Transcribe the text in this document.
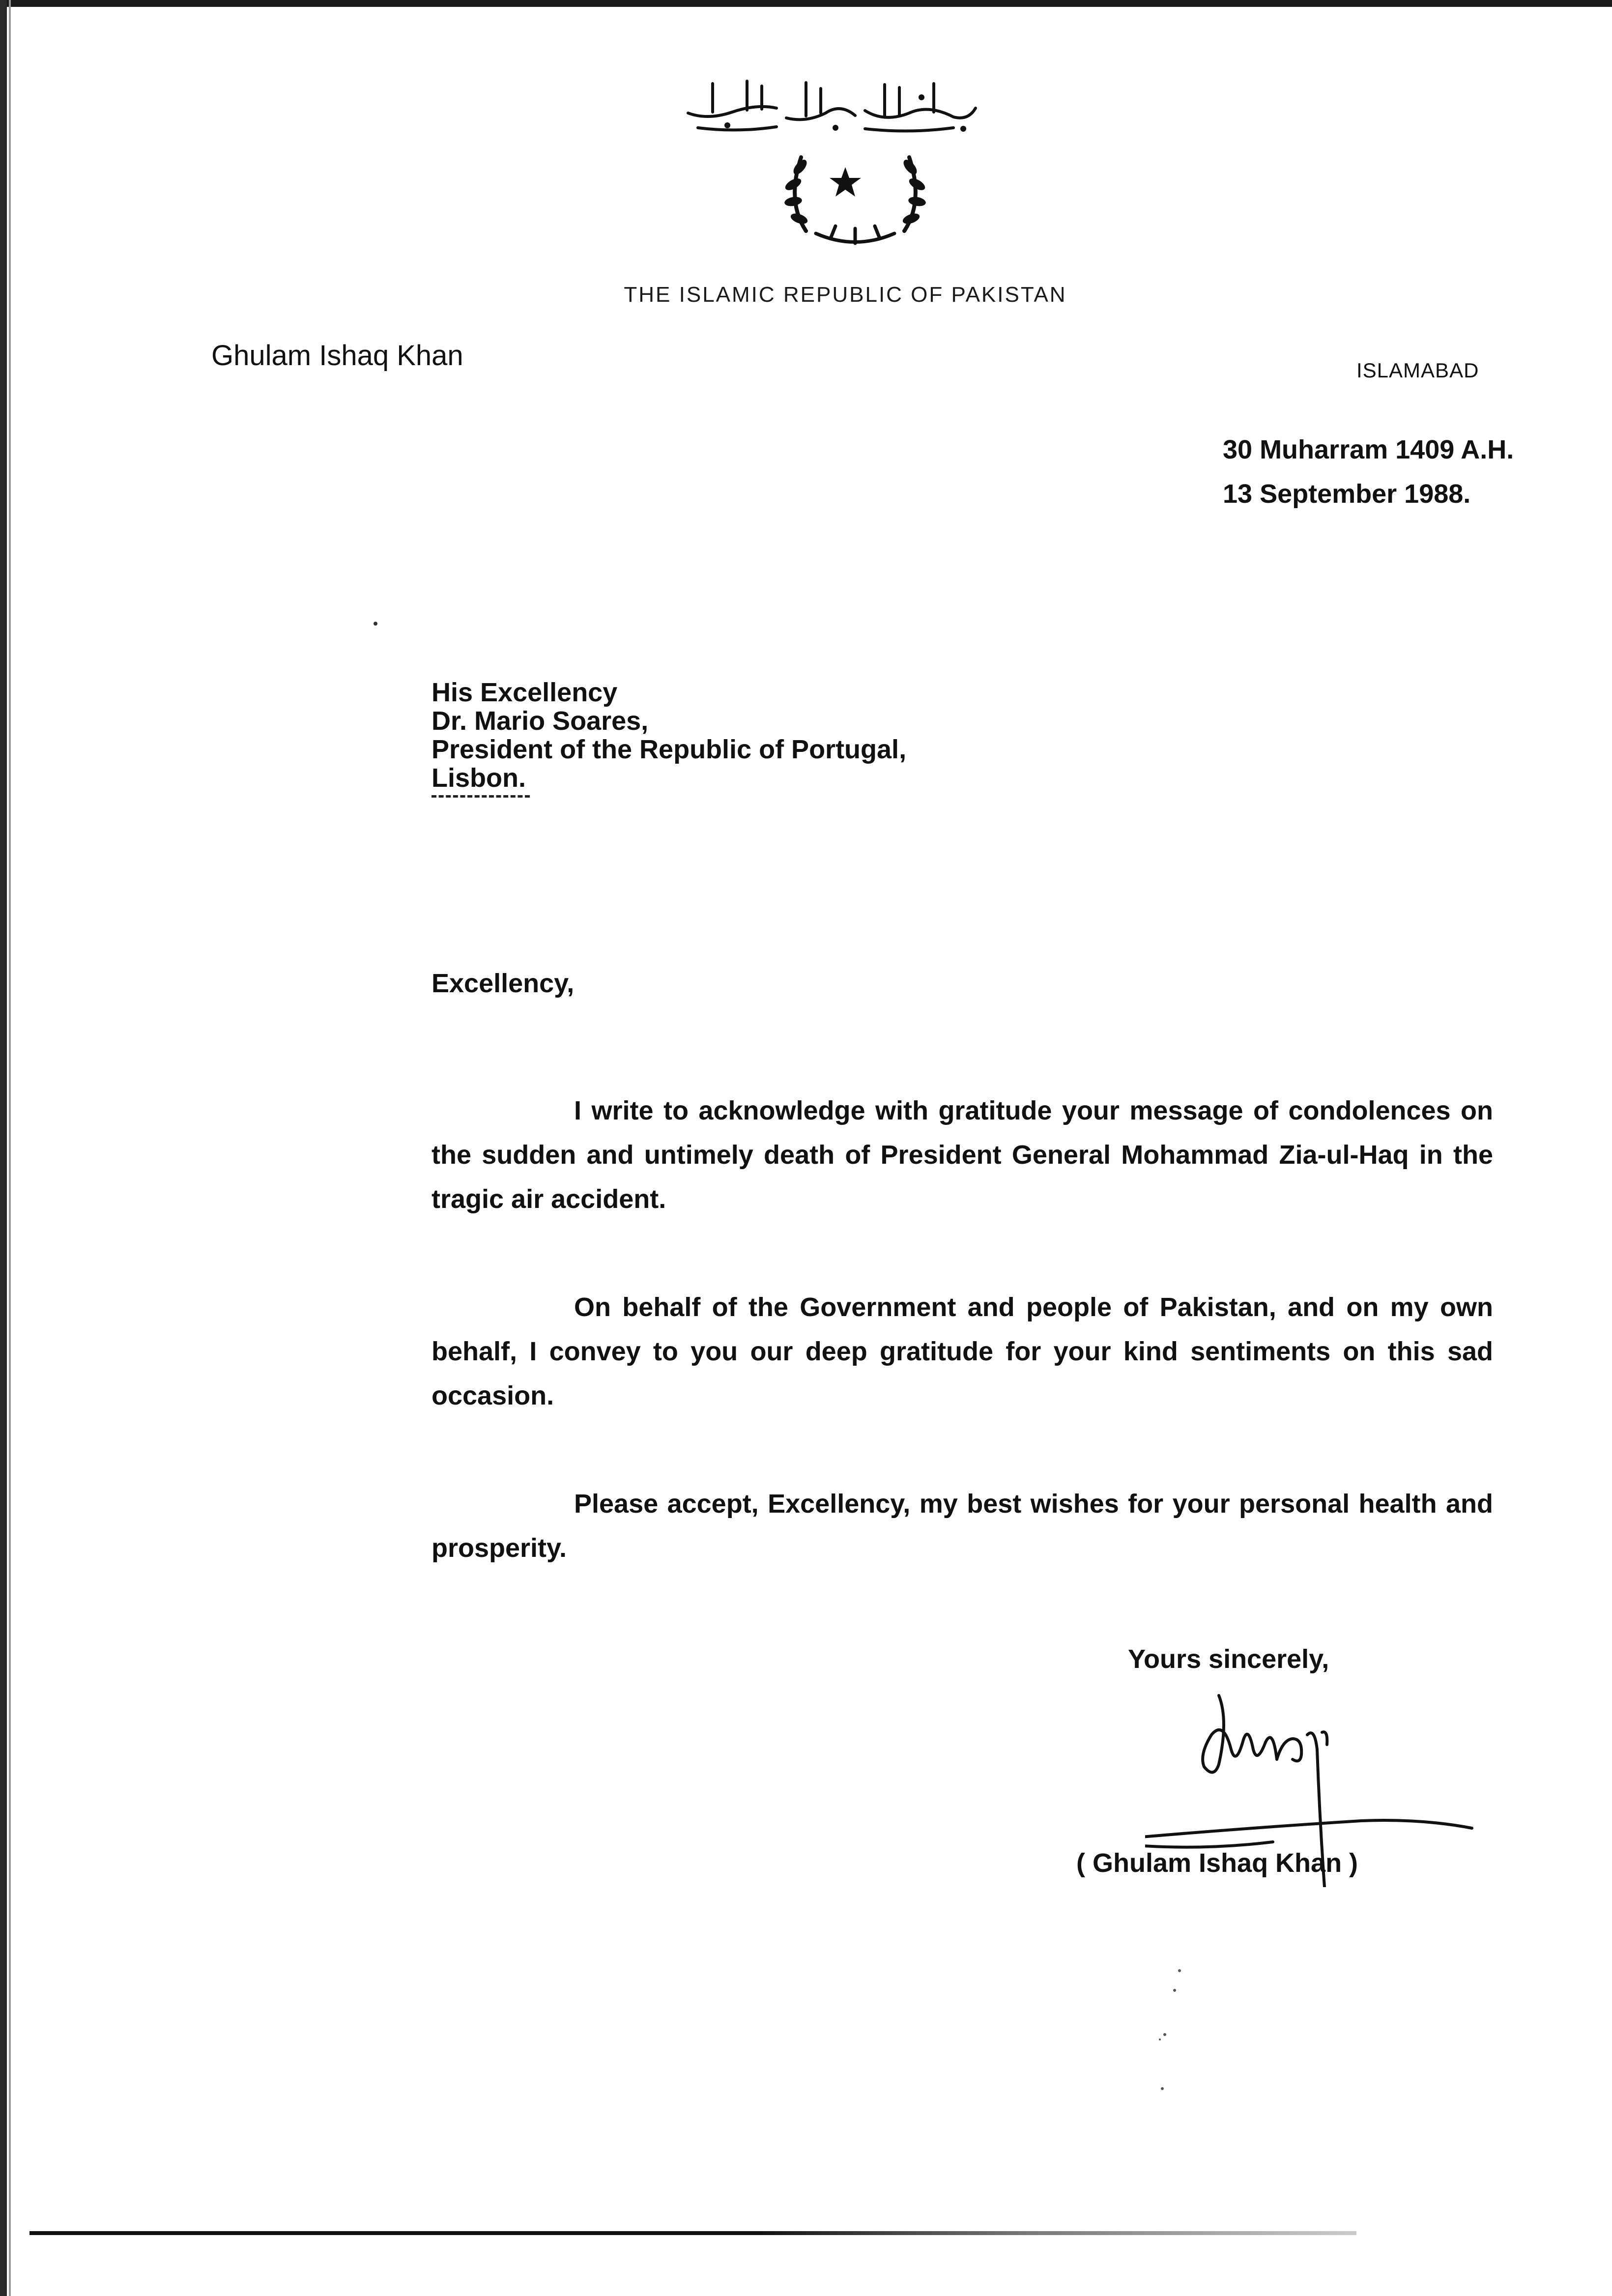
THE ISLAMIC REPUBLIC OF PAKISTAN
Ghulam Ishaq Khan	ISLAMABAD
30 Muharram 1409 A.H.
13 September 1988.
His Excellency
Dr. Mario Soares,
President of the Republic of Portugal,
Lisbon.
Excellency,
I write to acknowledge with gratitude your message of condolences on the sudden and untimely death of President General Mohammad Zia-ul-Haq in the tragic air accident.
On behalf of the Government and people of Pakistan, and on my own behalf, I convey to you our deep gratitude for your kind sentiments on this sad occasion.
Please accept, Excellency, my best wishes for your personal health and prosperity.
Yours sincerely,
( Ghulam Ishaq Khan )
